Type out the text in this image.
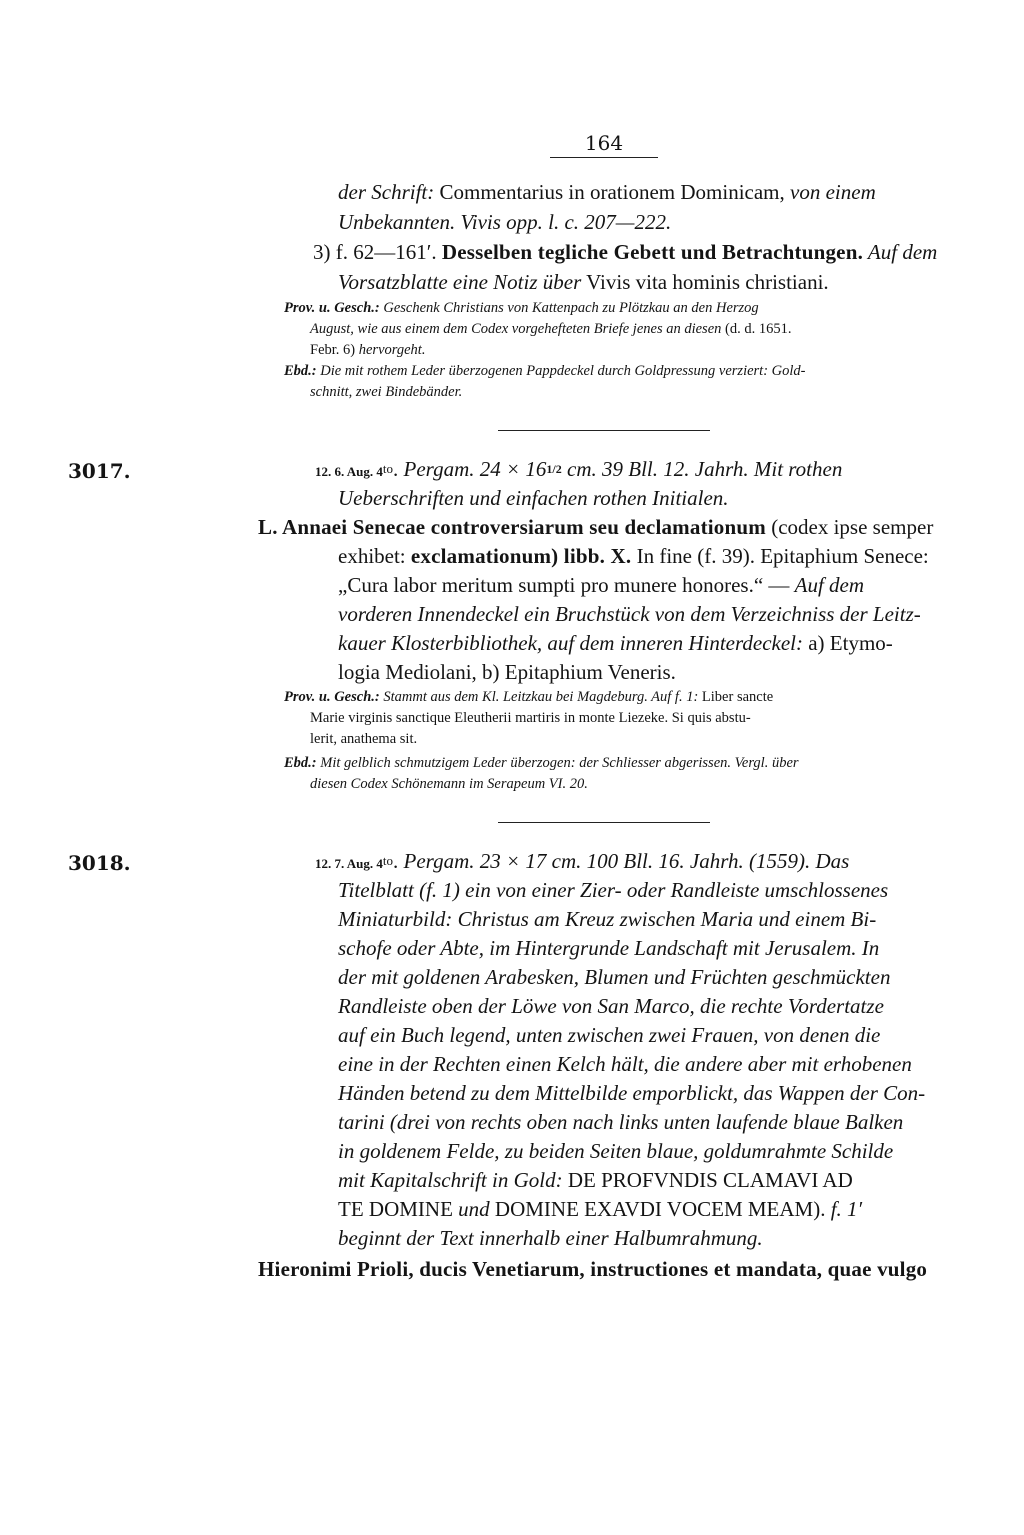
164
der Schrift: Commentarius in orationem Dominicam, von einem
Unbekannten. Vivis opp. l. c. 207—222.
3) f. 62—161′. Desselben tegliche Gebett und Betrachtungen. Auf dem
Vorsatzblatte eine Notiz über Vivis vita hominis christiani.
Prov. u. Gesch.: Geschenk Christians von Kattenpach zu Plötzkau an den Herzog
August, wie aus einem dem Codex vorgehefteten Briefe jenes an diesen (d. d. 1651.
Febr. 6) hervorgeht.
Ebd.: Die mit rothem Leder überzogenen Pappdeckel durch Goldpressung verziert: Gold-
schnitt, zwei Bindebänder.
3017.	12. 6. Aug. $4^{to}$. Pergam. $24 \times 16^{1/2}$ cm. 39 Bll. 12. Jahrh. Mit rothen
Ueberschriften und einfachen rothen Initialen.
L. Annaei Senecae controversiarum seu declamationum (codex ipse semper
exhibet: exclamationum) libb. X. In fine (f. 39). Epitaphium Senece:
„Cura labor meritum sumpti pro munere honores.“ — Auf dem
vorderen Innendeckel ein Bruchstück von dem Verzeichniss der Leitz-
kauer Klosterbibliothek, auf dem inneren Hinterdeckel: a) Etymo-
logia Mediolani, b) Epitaphium Veneris.
Prov. u. Gesch.: Stammt aus dem Kl. Leitzkau bei Magdeburg. Auf f. 1: Liber sancte
Marie virginis sanctique Eleutherii martiris in monte Liezeke. Si quis abstu-
lerit, anathema sit.
Ebd.: Mit gelblich schmutzigem Leder überzogen: der Schliesser abgerissen. Vergl. über
diesen Codex Schönemann im Serapeum VI. 20.
3018.	12. 7. Aug. $4^{to}$. Pergam. 23 × 17 cm. 100 Bll. 16. Jahrh. (1559). Das
Titelblatt (f. 1) ein von einer Zier- oder Randleiste umschlossenes
Miniaturbild: Christus am Kreuz zwischen Maria und einem Bi-
schofe oder Abte, im Hintergrunde Landschaft mit Jerusalem. In
der mit goldenen Arabesken, Blumen und Früchten geschmückten
Randleiste oben der Löwe von San Marco, die rechte Vordertatze
auf ein Buch legend, unten zwischen zwei Frauen, von denen die
eine in der Rechten einen Kelch hält, die andere aber mit erhobenen
Händen betend zu dem Mittelbilde emporblickt, das Wappen der Con-
tarini (drei von rechts oben nach links unten laufende blaue Balken
in goldenem Felde, zu beiden Seiten blaue, goldumrahmte Schilde
mit Kapitalschrift in Gold: DE PROFVNDIS CLAMAVI AD
TE DOMINE und DOMINE EXAVDI VOCEM MEAM). f. 1′
beginnt der Text innerhalb einer Halbumrahmung.
Hieronimi Prioli, ducis Venetiarum, instructiones et mandata, quae vulgo
